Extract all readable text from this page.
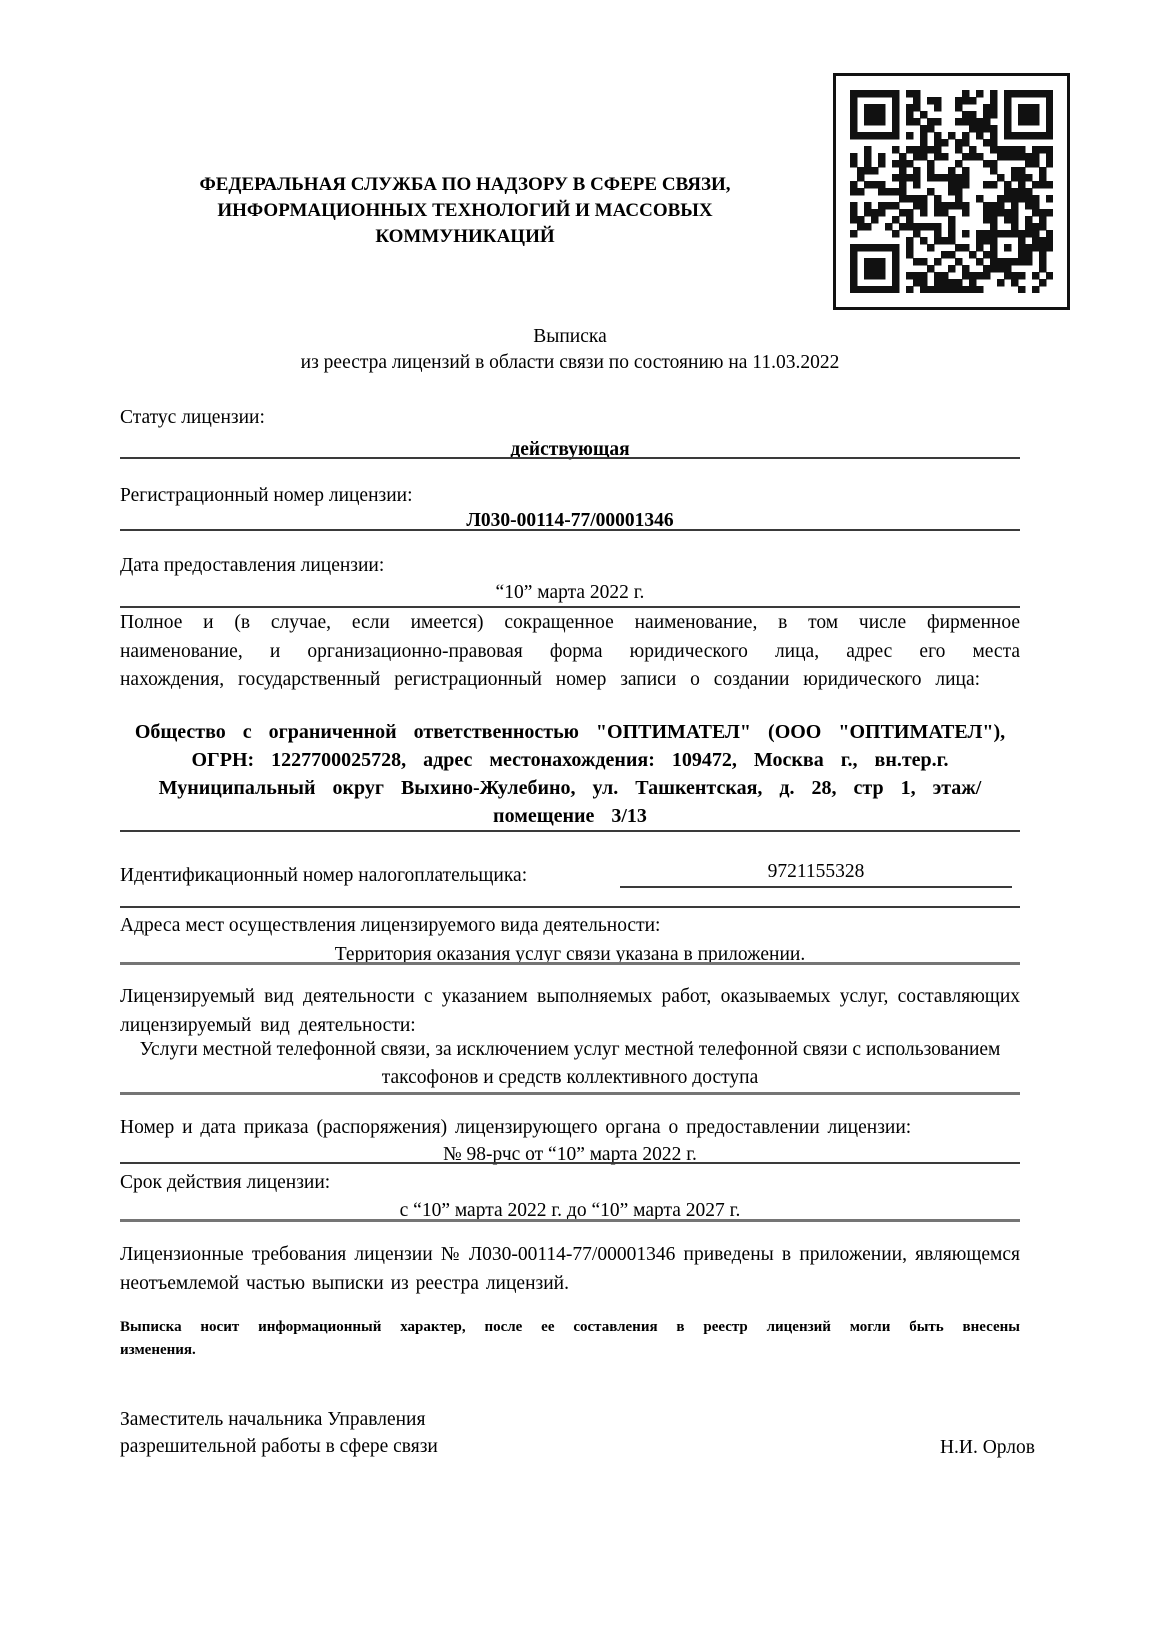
ФЕДЕРАЛЬНАЯ СЛУЖБА ПО НАДЗОРУ В СФЕРЕ СВЯЗИ, ИНФОРМАЦИОННЫХ ТЕХНОЛОГИЙ И МАССОВЫХ КОММУНИКАЦИЙ
Выписка
из реестра лицензий в области связи по состоянию на 11.03.2022
Статус лицензии:
действующая
Регистрационный номер лицензии:
Л030-00114-77/00001346
Дата предоставления лицензии:
“10” марта 2022 г.
Полное и (в случае, если имеется) сокращенное наименование, в том числе фирменное наименование, и организационно-правовая форма юридического лица, адрес его места нахождения, государственный регистрационный номер записи о создании юридического лица:
Общество с ограниченной ответственностью "ОПТИМАТЕЛ" (ООО "ОПТИМАТЕЛ"), ОГРН: 1227700025728, адрес местонахождения: 109472, Москва г., вн.тер.г. Муниципальный округ Выхино-Жулебино, ул. Ташкентская, д. 28, стр 1, этаж/помещение 3/13
Идентификационный номер налогоплательщика:	9721155328
Адреса мест осуществления лицензируемого вида деятельности:
Территория оказания услуг связи указана в приложении.
Лицензируемый вид деятельности с указанием выполняемых работ, оказываемых услуг, составляющих лицензируемый вид деятельности:
Услуги местной телефонной связи, за исключением услуг местной телефонной связи с использованием таксофонов и средств коллективного доступа
Номер и дата приказа (распоряжения) лицензирующего органа о предоставлении лицензии:
№ 98-рчс от “10” марта 2022 г.
Срок действия лицензии:
с “10” марта 2022 г. до “10” марта 2027 г.
Лицензионные требования лицензии № Л030-00114-77/00001346 приведены в приложении, являющемся неотъемлемой частью выписки из реестра лицензий.
Выписка носит информационный характер, после ее составления в реестр лицензий могли быть внесены изменения.
Заместитель начальника Управления разрешительной работы в сфере связи	Н.И. Орлов
